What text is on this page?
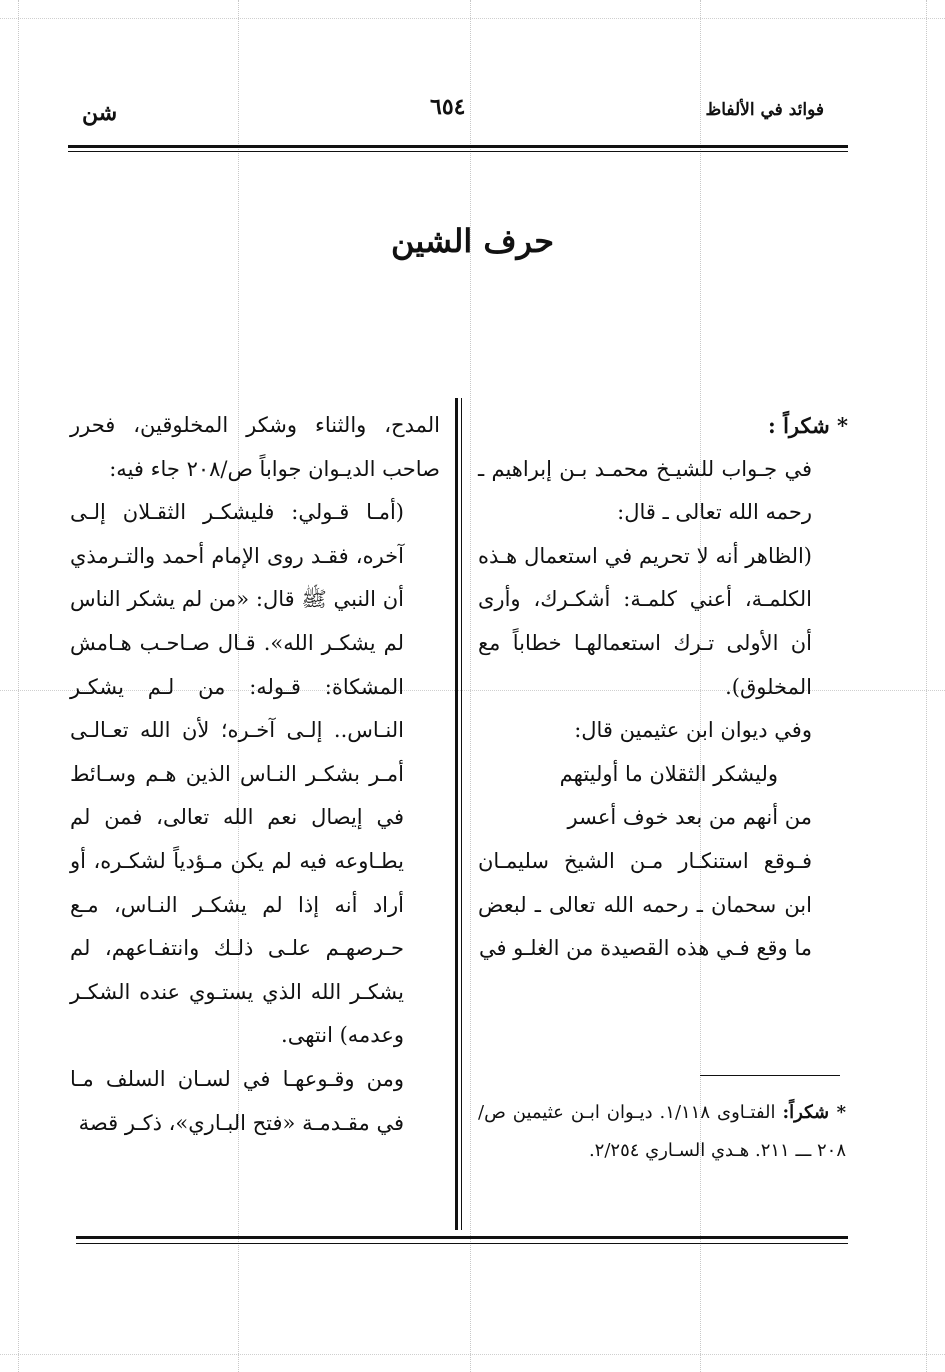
فوائد في الألفاظ
٦٥٤
شن
حرف الشين

* شكراً :

في جـواب للشيـخ محمـد بـن إبراهيم ـ رحمه الله تعالى ـ قال:

(الظاهر أنه لا تحريم في استعمال هـذه الكلمـة، أعني كلمـة: أشكـرك، وأرى أن الأولى تـرك استعمالهـا خطاباً مع المخلوق).

وفي ديوان ابن عثيمين قال:

وليشكر الثقلان ما أوليتهم

من أنهم من بعد خوف أعسر

فـوقع استنكـار مـن الشيخ سليمـان ابن سحمان ـ رحمه الله تعالى ـ لبعض ما وقع فـي هذه القصيدة من الغلـو في

* شكراً: الفتـاوى ١/١١٨. ديـوان ابـن عثيمين ص/٢٠٨ ـــ ٢١١. هـدي السـاري ٢/٢٥٤.

المدح، والثناء وشكر المخلوقين، فحرر صاحب الديـوان جواباً ص/٢٠٨ جاء فيه:

(أمـا قـولي: فليشكـر الثقـلان إلـى آخره، فقـد روى الإمام أحمد والتـرمذي أن النبي ﷺ قال: «من لم يشكر الناس لم يشكـر الله». قـال صـاحـب هـامش المشكاة: قـوله: من لـم يشكـر النـاس.. إلـى آخـره؛ لأن الله تعـالـى أمـر بشكـر النـاس الذين هـم وسـائط في إيصال نعم الله تعالى، فمن لم يطـاوعه فيه لم يكن مـؤدياً لشكـره، أو أراد أنه إذا لم يشكـر النـاس، مـع حـرصهـم علـى ذلـك وانتفـاعهم، لم يشكـر الله الذي يستـوي عنده الشكـر وعدمه) انتهى.

ومن وقـوعهـا في لسـان السلف مـا في مقـدمـة «فتح البـاري»، ذكـر قصة
